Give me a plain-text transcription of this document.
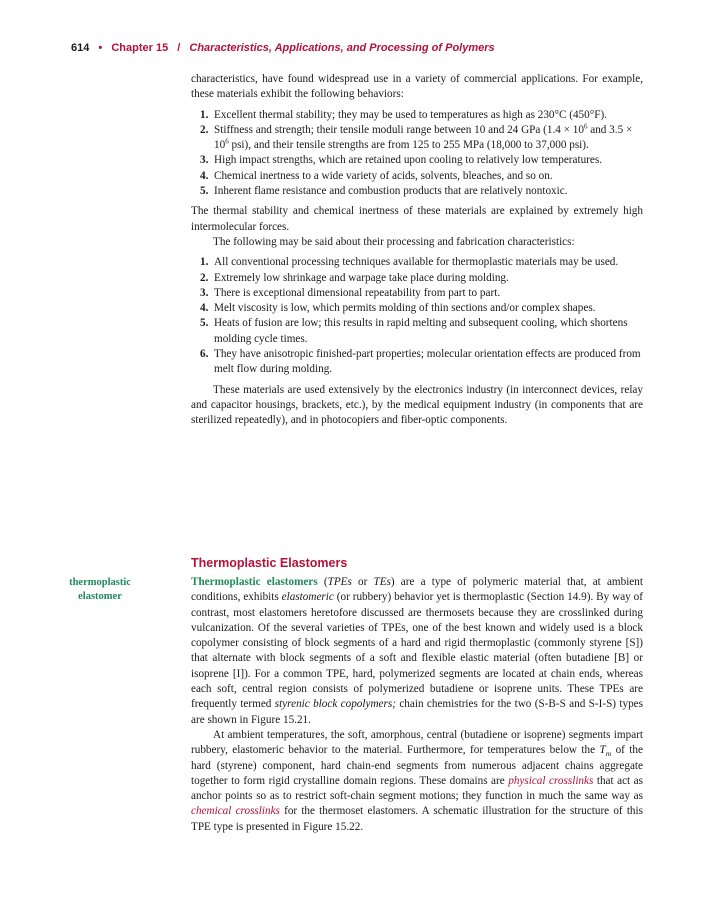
614 • Chapter 15 / Characteristics, Applications, and Processing of Polymers

characteristics, have found widespread use in a variety of commercial applications. For example, these materials exhibit the following behaviors:

1. Excellent thermal stability; they may be used to temperatures as high as 230°C (450°F).
2. Stiffness and strength; their tensile moduli range between 10 and 24 GPa ($1.4 \times 10^6$ and $3.5 \times 10^6$ psi), and their tensile strengths are from 125 to 255 MPa (18,000 to 37,000 psi).
3. High impact strengths, which are retained upon cooling to relatively low temperatures.
4. Chemical inertness to a wide variety of acids, solvents, bleaches, and so on.
5. Inherent flame resistance and combustion products that are relatively nontoxic.

The thermal stability and chemical inertness of these materials are explained by extremely high intermolecular forces.

The following may be said about their processing and fabrication characteristics:

1. All conventional processing techniques available for thermoplastic materials may be used.
2. Extremely low shrinkage and warpage take place during molding.
3. There is exceptional dimensional repeatability from part to part.
4. Melt viscosity is low, which permits molding of thin sections and/or complex shapes.
5. Heats of fusion are low; this results in rapid melting and subsequent cooling, which shortens molding cycle times.
6. They have anisotropic finished-part properties; molecular orientation effects are produced from melt flow during molding.

These materials are used extensively by the electronics industry (in interconnect devices, relay and capacitor housings, brackets, etc.), by the medical equipment industry (in components that are sterilized repeatedly), and in photocopiers and fiber-optic components.

Thermoplastic Elastomers
thermoplastic elastomer

Thermoplastic elastomers (TPEs or TEs) are a type of polymeric material that, at ambient conditions, exhibits elastomeric (or rubbery) behavior yet is thermoplastic (Section 14.9). By way of contrast, most elastomers heretofore discussed are thermosets because they are crosslinked during vulcanization. Of the several varieties of TPEs, one of the best known and widely used is a block copolymer consisting of block segments of a hard and rigid thermoplastic (commonly styrene [S]) that alternate with block segments of a soft and flexible elastic material (often butadiene [B] or isoprene [I]). For a common TPE, hard, polymerized segments are located at chain ends, whereas each soft, central region consists of polymerized butadiene or isoprene units. These TPEs are frequently termed styrenic block copolymers; chain chemistries for the two (S-B-S and S-I-S) types are shown in Figure 15.21.

At ambient temperatures, the soft, amorphous, central (butadiene or isoprene) segments impart rubbery, elastomeric behavior to the material. Furthermore, for temperatures below the $T_m$ of the hard (styrene) component, hard chain-end segments from numerous adjacent chains aggregate together to form rigid crystalline domain regions. These domains are physical crosslinks that act as anchor points so as to restrict soft-chain segment motions; they function in much the same way as chemical crosslinks for the thermoset elastomers. A schematic illustration for the structure of this TPE type is presented in Figure 15.22.
